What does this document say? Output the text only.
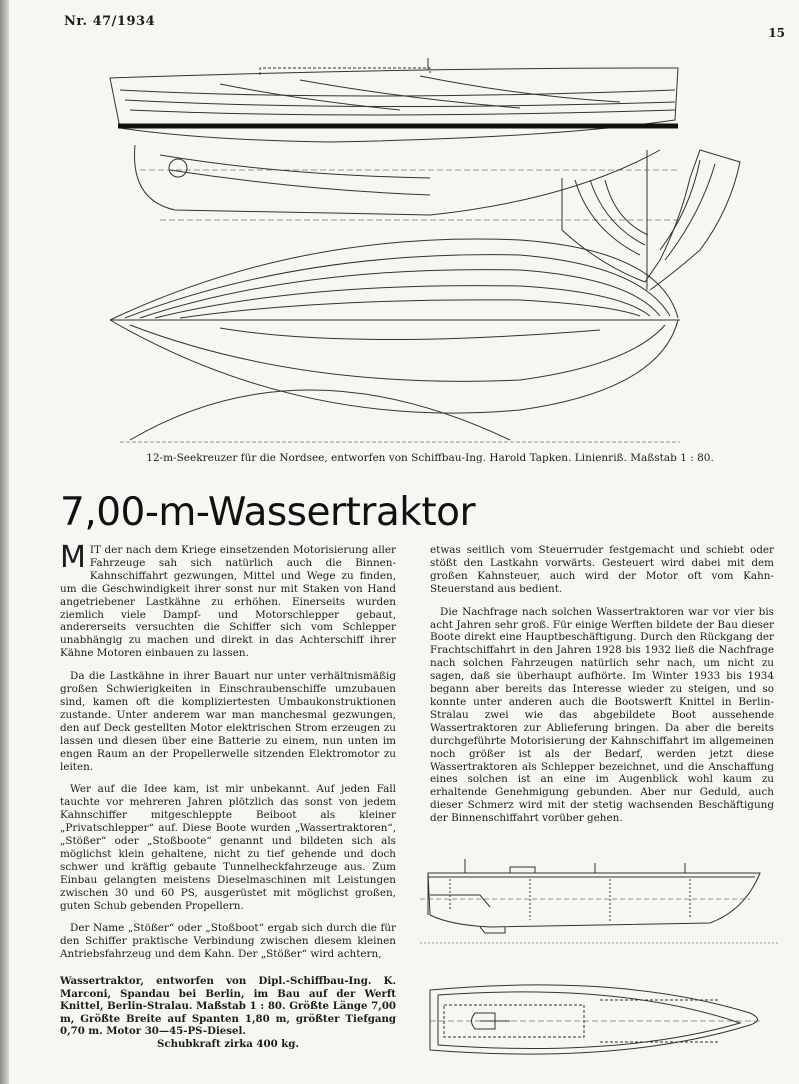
Nr. 47/1934
15
12-m-Seekreuzer für die Nordsee, entworfen von Schiffbau-Ing. Harold Tapken. Linienriß. Maßstab 1 : 80.
7,00-m-Wassertraktor

MIT der nach dem Kriege einsetzenden Motorisierung aller Fahrzeuge sah sich natürlich auch die Binnen-Kahnschiffahrt gezwungen, Mittel und Wege zu finden, um die Geschwindigkeit ihrer sonst nur mit Staken von Hand angetriebener Lastkähne zu erhöhen. Einerseits wurden ziemlich viele Dampf- und Motorschlepper gebaut, andererseits versuchten die Schiffer sich vom Schlepper unabhängig zu machen und direkt in das Achterschiff ihrer Kähne Motoren einbauen zu lassen.

Da die Lastkähne in ihrer Bauart nur unter verhältnismäßig großen Schwierigkeiten in Einschraubenschiffe umzubauen sind, kamen oft die kompliziertesten Umbaukonstruktionen zustande. Unter anderem war man manchesmal gezwungen, den auf Deck gestellten Motor elektrischen Strom erzeugen zu lassen und diesen über eine Batterie zu einem, nun unten im engen Raum an der Propellerwelle sitzenden Elektromotor zu leiten.

Wer auf die Idee kam, ist mir unbekannt. Auf jeden Fall tauchte vor mehreren Jahren plötzlich das sonst von jedem Kahnschiffer mitgeschleppte Beiboot als kleiner „Privatschlepper“ auf. Diese Boote wurden „Wassertraktoren“, „Stößer“ oder „Stoßboote“ genannt und bildeten sich als möglichst klein gehaltene, nicht zu tief gehende und doch schwer und kräftig gebaute Tunnelheckfahrzeuge aus. Zum Einbau gelangten meistens Dieselmaschinen mit Leistungen zwischen 30 und 60 PS, ausgerüstet mit möglichst großen, guten Schub gebenden Propellern.

Der Name „Stößer“ oder „Stoßboot“ ergab sich durch die für den Schiffer praktische Verbindung zwischen diesem kleinen Antriebsfahrzeug und dem Kahn. Der „Stößer“ wird achtern,

etwas seitlich vom Steuerruder festgemacht und schiebt oder stößt den Lastkahn vorwärts. Gesteuert wird dabei mit dem großen Kahnsteuer, auch wird der Motor oft vom Kahn-Steuerstand aus bedient.

Die Nachfrage nach solchen Wassertraktoren war vor vier bis acht Jahren sehr groß. Für einige Werften bildete der Bau dieser Boote direkt eine Hauptbeschäftigung. Durch den Rückgang der Frachtschiffahrt in den Jahren 1928 bis 1932 ließ die Nachfrage nach solchen Fahrzeugen natürlich sehr nach, um nicht zu sagen, daß sie überhaupt aufhörte. Im Winter 1933 bis 1934 begann aber bereits das Interesse wieder zu steigen, und so konnte unter anderen auch die Bootswerft Knittel in Berlin-Stralau zwei wie das abgebildete Boot aussehende Wassertraktoren zur Ablieferung bringen. Da aber die bereits durchgeführte Motorisierung der Kahnschiffahrt im allgemeinen noch größer ist als der Bedarf, werden jetzt diese Wassertraktoren als Schlepper bezeichnet, und die Anschaffung eines solchen ist an eine im Augenblick wohl kaum zu erhaltende Genehmigung gebunden. Aber nur Geduld, auch dieser Schmerz wird mit der stetig wachsenden Beschäftigung der Binnenschiffahrt vorüber gehen.

Wassertraktor, entworfen von Dipl.-Schiffbau-Ing. K. Marconi, Spandau bei Berlin, im Bau auf der Werft Knittel, Berlin-Stralau. Maßstab 1 : 80. Größte Länge 7,00 m, Größte Breite auf Spanten 1,80 m, größter Tiefgang 0,70 m. Motor 30—45-PS-Diesel.
Schubkraft zirka 400 kg.
